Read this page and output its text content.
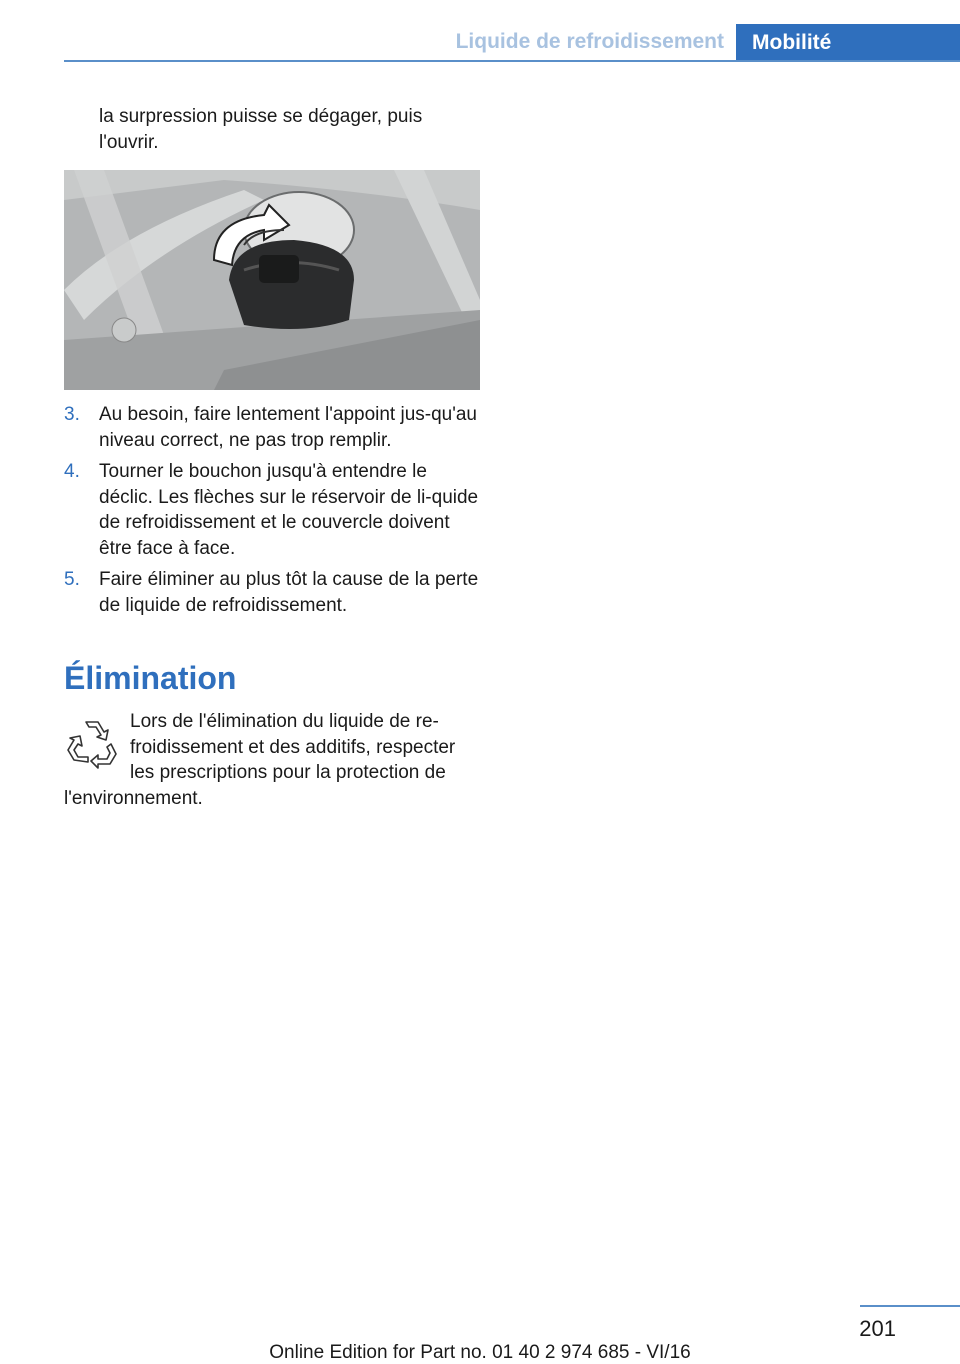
Liquide de refroidissement Mobilité

la surpression puisse se dégager, puis l'ouvrir.

3. Au besoin, faire lentement l'appoint jus-qu'au niveau correct, ne pas trop remplir.
4. Tourner le bouchon jusqu'à entendre le déclic. Les flèches sur le réservoir de li-quide de refroidissement et le couvercle doivent être face à face.
5. Faire éliminer au plus tôt la cause de la perte de liquide de refroidissement.
Élimination

Lors de l'élimination du liquide de re-froidissement et des additifs, respecter les prescriptions pour la protection de l'environnement.

201
Online Edition for Part no. 01 40 2 974 685 - VI/16
